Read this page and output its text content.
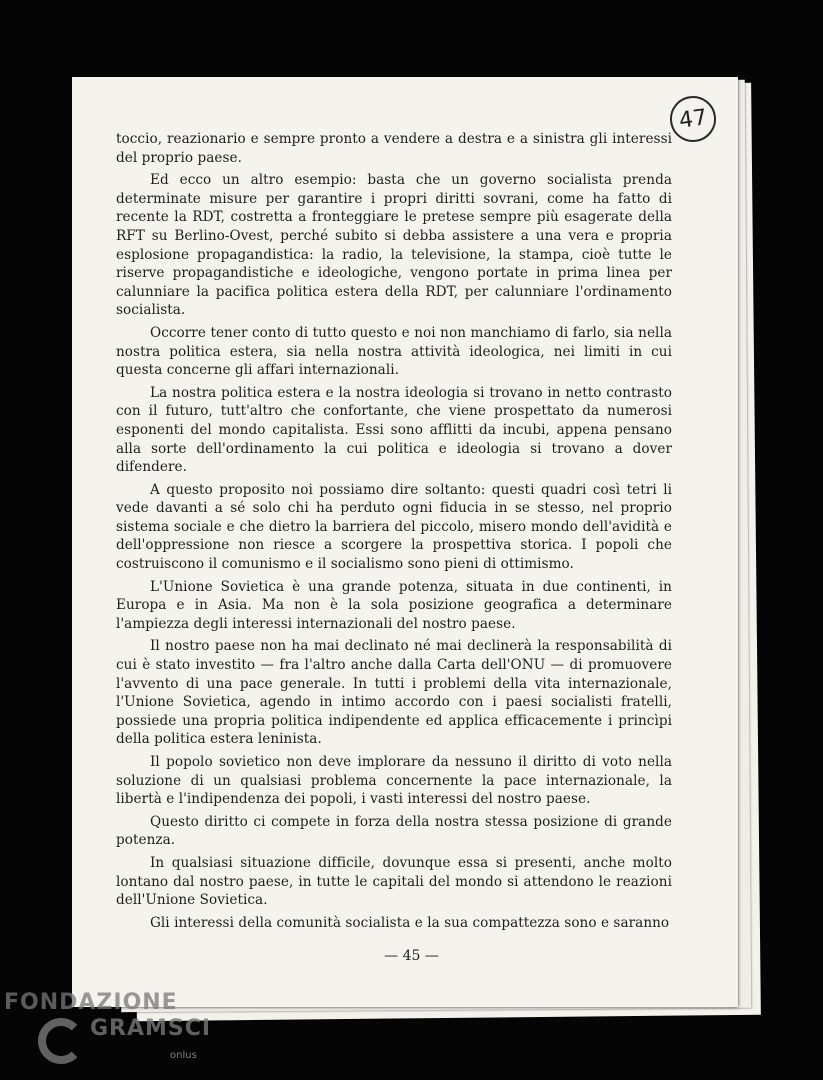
47

toccio, reazionario e sempre pronto a vendere a destra e a sinistra gli interessi del proprio paese.

Ed ecco un altro esempio: basta che un governo socialista prenda determinate misure per garantire i propri diritti sovrani, come ha fatto di recente la RDT, costretta a fronteggiare le pretese sempre più esagerate della RFT su Berlino-Ovest, perché subito si debba assistere a una vera e propria esplosione propagandistica: la radio, la televisione, la stampa, cioè tutte le riserve propagandistiche e ideologiche, vengono portate in prima linea per calunniare la pacifica politica estera della RDT, per calunniare l'ordinamento socialista.

Occorre tener conto di tutto questo e noi non manchiamo di farlo, sia nella nostra politica estera, sia nella nostra attività ideologica, nei limiti in cui questa concerne gli affari internazionali.

La nostra politica estera e la nostra ideologia si trovano in netto contrasto con il futuro, tutt'altro che confortante, che viene prospettato da numerosi esponenti del mondo capitalista. Essi sono afflitti da incubi, appena pensano alla sorte dell'ordinamento la cui politica e ideologia si trovano a dover difendere.

A questo proposito noi possiamo dire soltanto: questi quadri così tetri li vede davanti a sé solo chi ha perduto ogni fiducia in se stesso, nel proprio sistema sociale e che dietro la barriera del piccolo, misero mondo dell'avidità e dell'oppressione non riesce a scorgere la prospettiva storica. I popoli che costruiscono il comunismo e il socialismo sono pieni di ottimismo.

L'Unione Sovietica è una grande potenza, situata in due continenti, in Europa e in Asia. Ma non è la sola posizione geografica a determinare l'ampiezza degli interessi internazionali del nostro paese.

Il nostro paese non ha mai declinato né mai declinerà la responsabilità di cui è stato investito — fra l'altro anche dalla Carta dell'ONU — di promuovere l'avvento di una pace generale. In tutti i problemi della vita internazionale, l'Unione Sovietica, agendo in intimo accordo con i paesi socialisti fratelli, possiede una propria politica indipendente ed applica efficacemente i princìpi della politica estera leninista.

Il popolo sovietico non deve implorare da nessuno il diritto di voto nella soluzione di un qualsiasi problema concernente la pace internazionale, la libertà e l'indipendenza dei popoli, i vasti interessi del nostro paese.

Questo diritto ci compete in forza della nostra stessa posizione di grande potenza.

In qualsiasi situazione difficile, dovunque essa si presenti, anche molto lontano dal nostro paese, in tutte le capitali del mondo si attendono le reazioni dell'Unione Sovietica.

Gli interessi della comunità socialista e la sua compattezza sono e saranno

— 45 —
FONDAZIONE
GRAMSCI
onlus
